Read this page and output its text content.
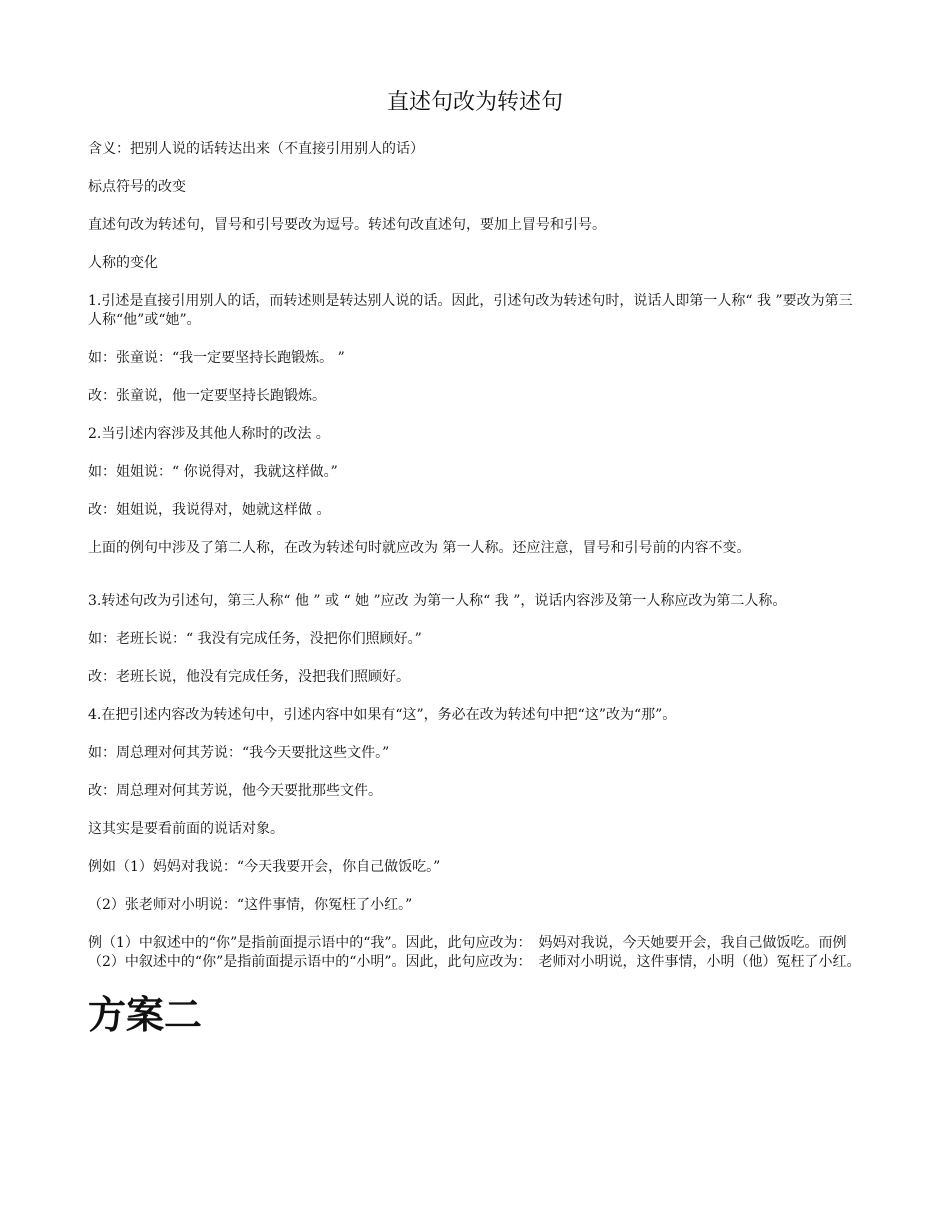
直述句改为转述句

含义：把别人说的话转达出来（不直接引用别人的话）

标点符号的改变

直述句改为转述句，冒号和引号要改为逗号。转述句改直述句，要加上冒号和引号。

人称的变化

1.引述是直接引用别人的话，而转述则是转达别人说的话。因此，引述句改为转述句时，说话人即第一人称“ 我 ”要改为第三人称“他”或“她”。

如：张童说：“我一定要坚持长跑锻炼。 ”

改：张童说，他一定要坚持长跑锻炼。

2.当引述内容涉及其他人称时的改法 。

如：姐姐说：“ 你说得对，我就这样做。”

改：姐姐说，我说得对，她就这样做 。

上面的例句中涉及了第二人称，在改为转述句时就应改为 第一人称。还应注意，冒号和引号前的内容不变。

3.转述句改为引述句，第三人称“ 他 ” 或 “ 她 ”应改 为第一人称“ 我 ”，说话内容涉及第一人称应改为第二人称。

如：老班长说：“ 我没有完成任务，没把你们照顾好。”

改：老班长说，他没有完成任务，没把我们照顾好。

4.在把引述内容改为转述句中，引述内容中如果有“这”，务必在改为转述句中把“这”改为“那”。

如：周总理对何其芳说：“我今天要批这些文件。”

改：周总理对何其芳说，他今天要批那些文件。

这其实是要看前面的说话对象。

例如（1）妈妈对我说：“今天我要开会，你自己做饭吃。”

（2）张老师对小明说：“这件事情，你冤枉了小红。”

例（1）中叙述中的“你”是指前面提示语中的“我”。因此，此句应改为：　妈妈对我说，今天她要开会，我自己做饭吃。而例（2）中叙述中的“你”是指前面提示语中的“小明”。因此，此句应改为：　老师对小明说，这件事情，小明（他）冤枉了小红。

方案二
